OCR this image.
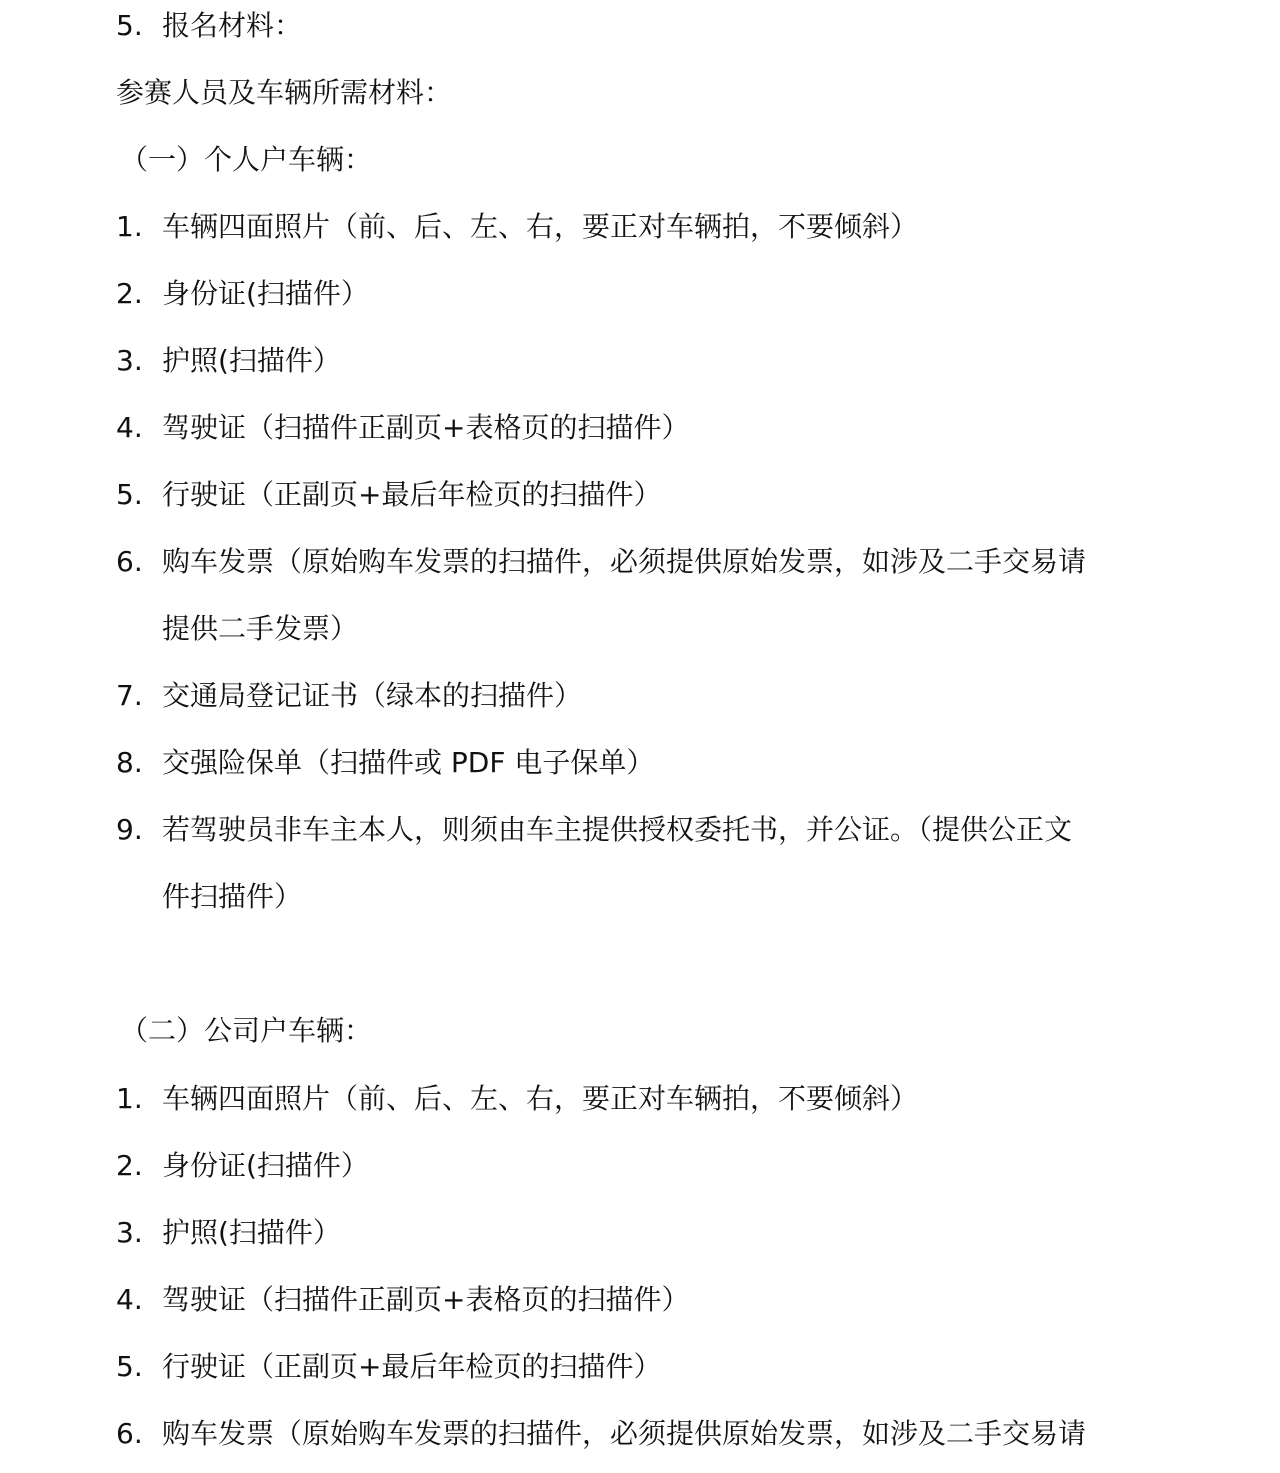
5. 报名材料：
参赛人员及车辆所需材料：
（一）个人户车辆：
1. 车辆四面照片（前、后、左、右，要正对车辆拍，不要倾斜）
2. 身份证(扫描件）
3. 护照(扫描件）
4. 驾驶证（扫描件正副页+表格页的扫描件）
5. 行驶证（正副页+最后年检页的扫描件）
6. 购车发票（原始购车发票的扫描件，必须提供原始发票，如涉及二手交易请
提供二手发票）
7. 交通局登记证书（绿本的扫描件）
8. 交强险保单（扫描件或 PDF 电子保单）
9. 若驾驶员非车主本人，则须由车主提供授权委托书，并公证。（提供公正文
件扫描件）
（二）公司户车辆：
1. 车辆四面照片（前、后、左、右，要正对车辆拍，不要倾斜）
2. 身份证(扫描件）
3. 护照(扫描件）
4. 驾驶证（扫描件正副页+表格页的扫描件）
5. 行驶证（正副页+最后年检页的扫描件）
6. 购车发票（原始购车发票的扫描件，必须提供原始发票，如涉及二手交易请
